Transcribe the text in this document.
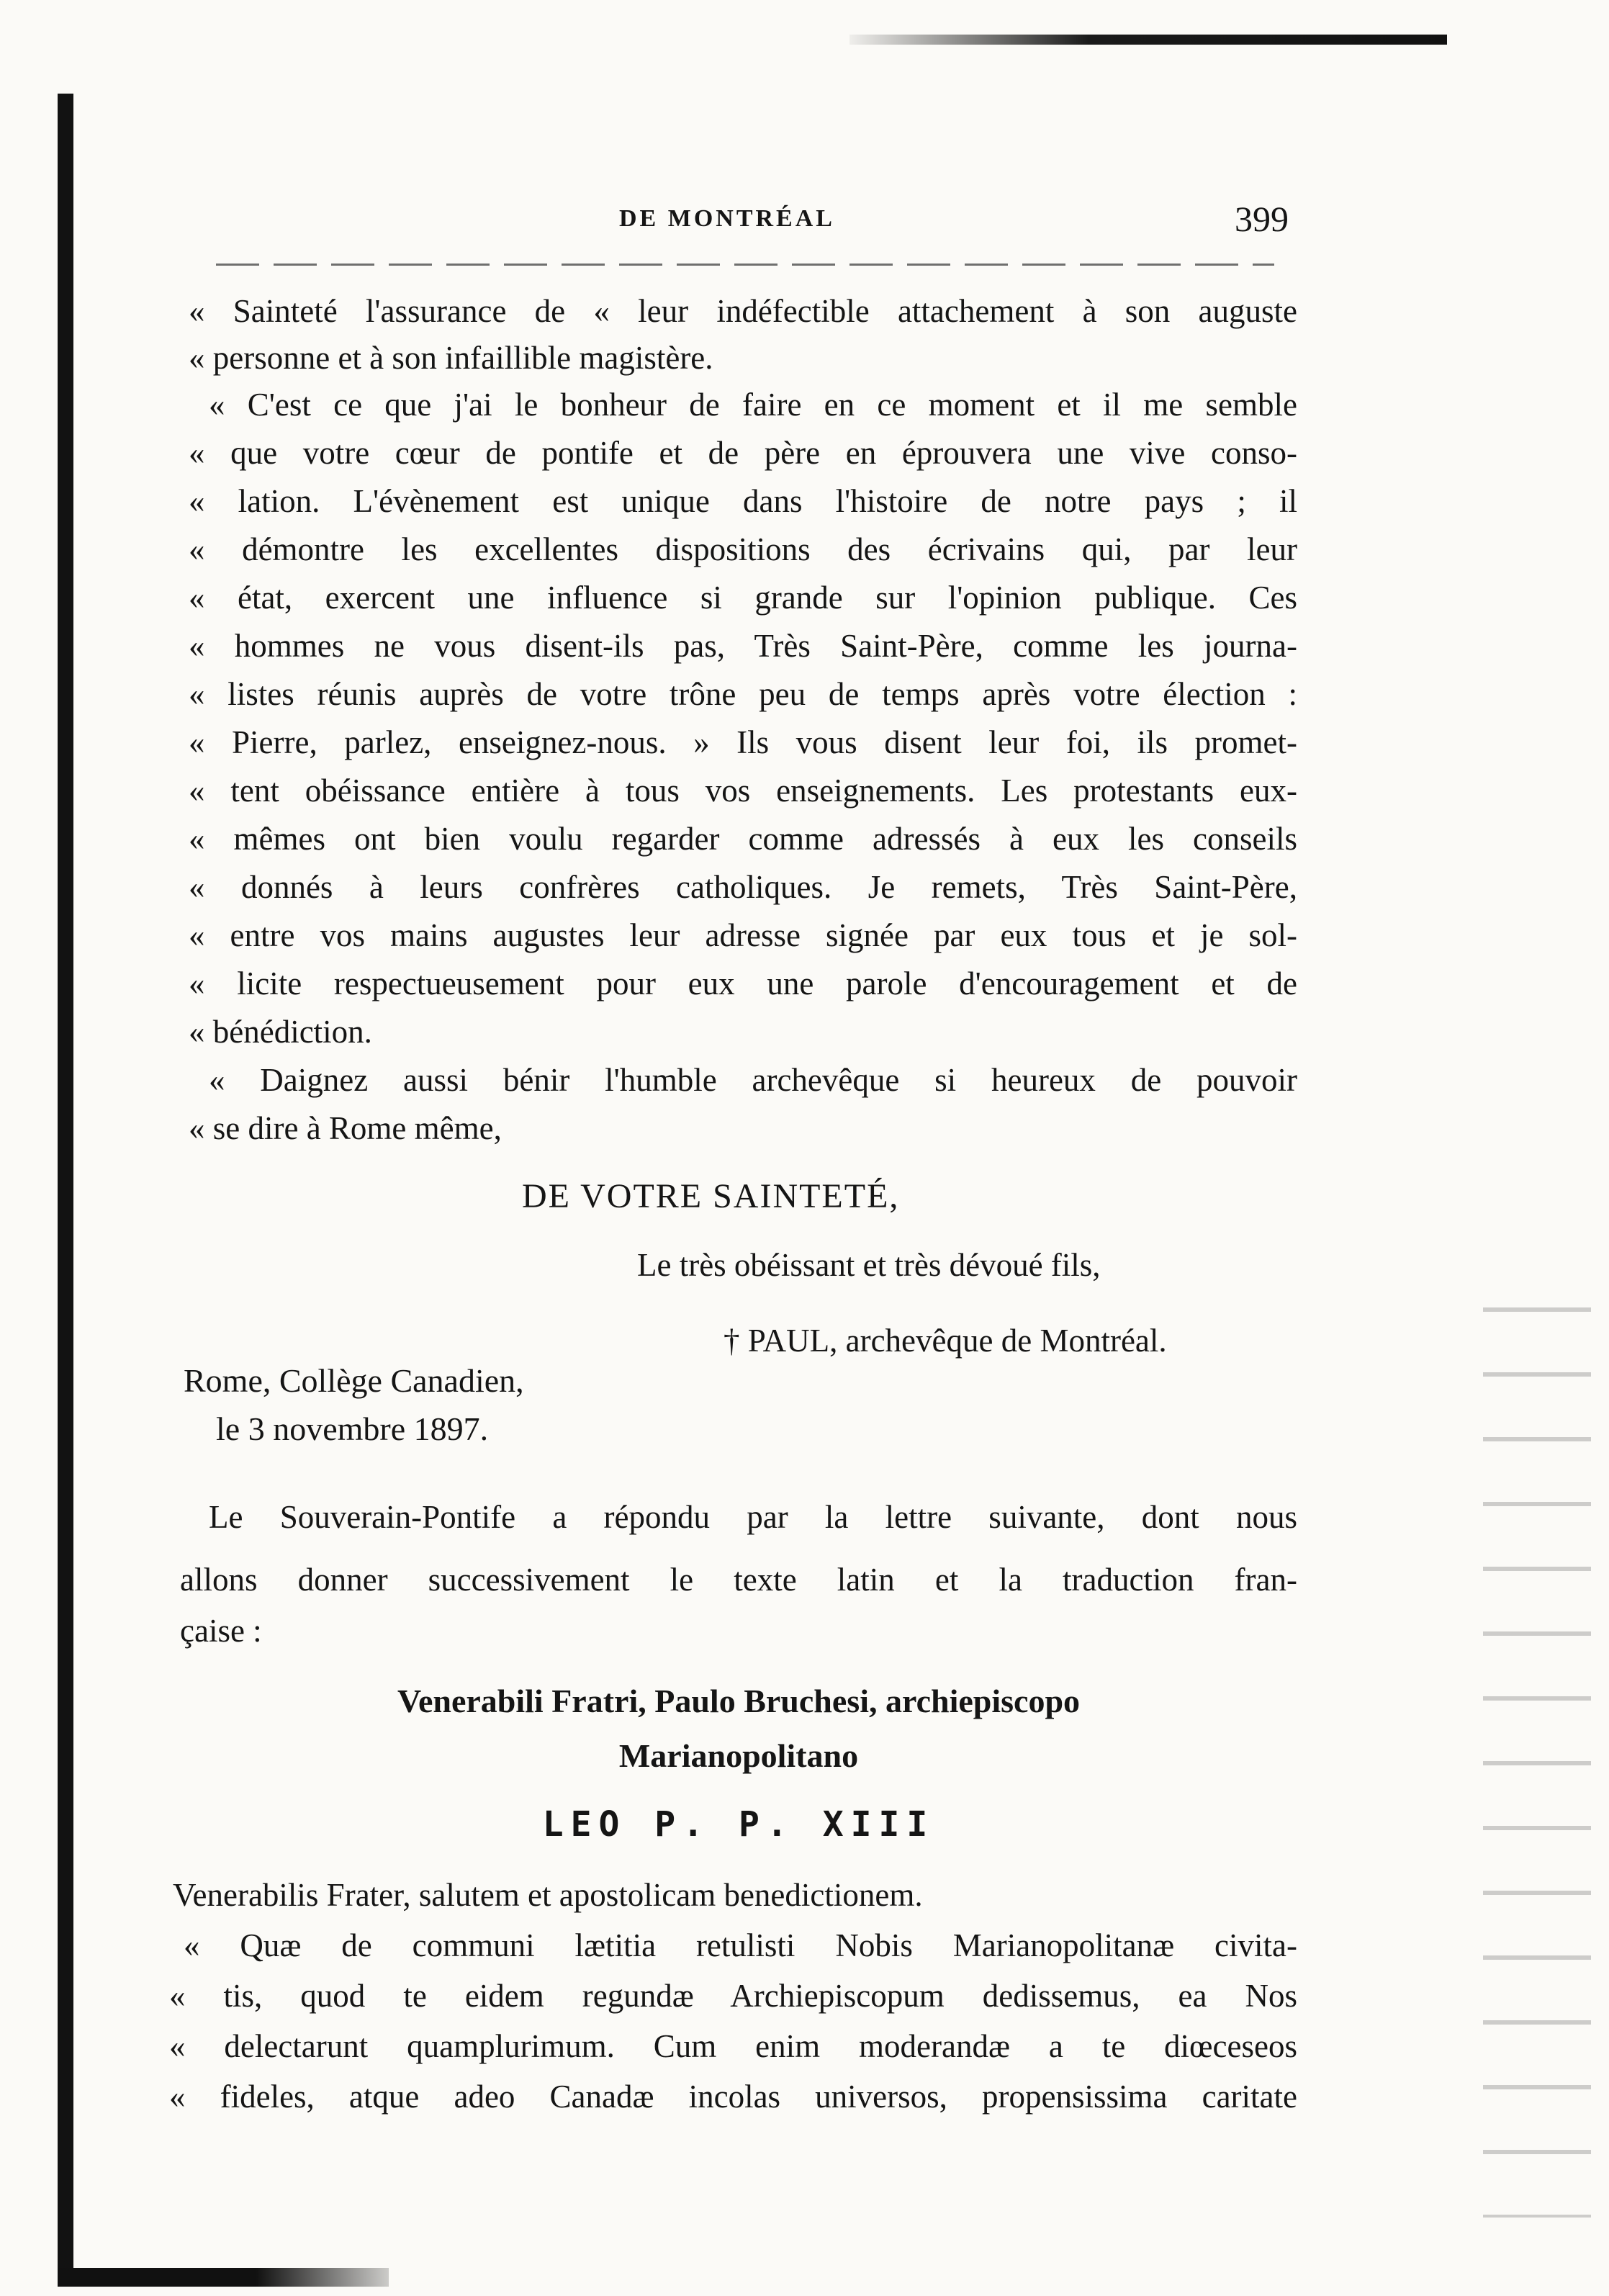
DE MONTRÉAL	399
« Sainteté l'assurance de « leur indéfectible attachement à son auguste
« personne et à son infaillible magistère.
« C'est ce que j'ai le bonheur de faire en ce moment et il me semble
« que votre cœur de pontife et de père en éprouvera une vive conso-
« lation. L'évènement est unique dans l'histoire de notre pays ; il
« démontre les excellentes dispositions des écrivains qui, par leur
« état, exercent une influence si grande sur l'opinion publique. Ces
« hommes ne vous disent-ils pas, Très Saint-Père, comme les journa-
« listes réunis auprès de votre trône peu de temps après votre élection :
« Pierre, parlez, enseignez-nous. » Ils vous disent leur foi, ils promet-
« tent obéissance entière à tous vos enseignements. Les protestants eux-
« mêmes ont bien voulu regarder comme adressés à eux les conseils
« donnés à leurs confrères catholiques. Je remets, Très Saint-Père,
« entre vos mains augustes leur adresse signée par eux tous et je sol-
« licite respectueusement pour eux une parole d'encouragement et de
« bénédiction.
« Daignez aussi bénir l'humble archevêque si heureux de pouvoir
« se dire à Rome même,
DE VOTRE SAINTETÉ,
Le très obéissant et très dévoué fils,
† PAUL, archevêque de Montréal.
Rome, Collège Canadien,
le 3 novembre 1897.
Le Souverain-Pontife a répondu par la lettre suivante, dont nous
allons donner successivement le texte latin et la traduction fran-
çaise :
Venerabili Fratri, Paulo Bruchesi, archiepiscopo
Marianopolitano
LEO P. P. XIII
Venerabilis Frater, salutem et apostolicam benedictionem.
« Quæ de communi lætitia retulisti Nobis Marianopolitanæ civita-
« tis, quod te eidem regundæ Archiepiscopum dedissemus, ea Nos
« delectarunt quamplurimum. Cum enim moderandæ a te diœceseos
« fideles, atque adeo Canadæ incolas universos, propensissima caritate
